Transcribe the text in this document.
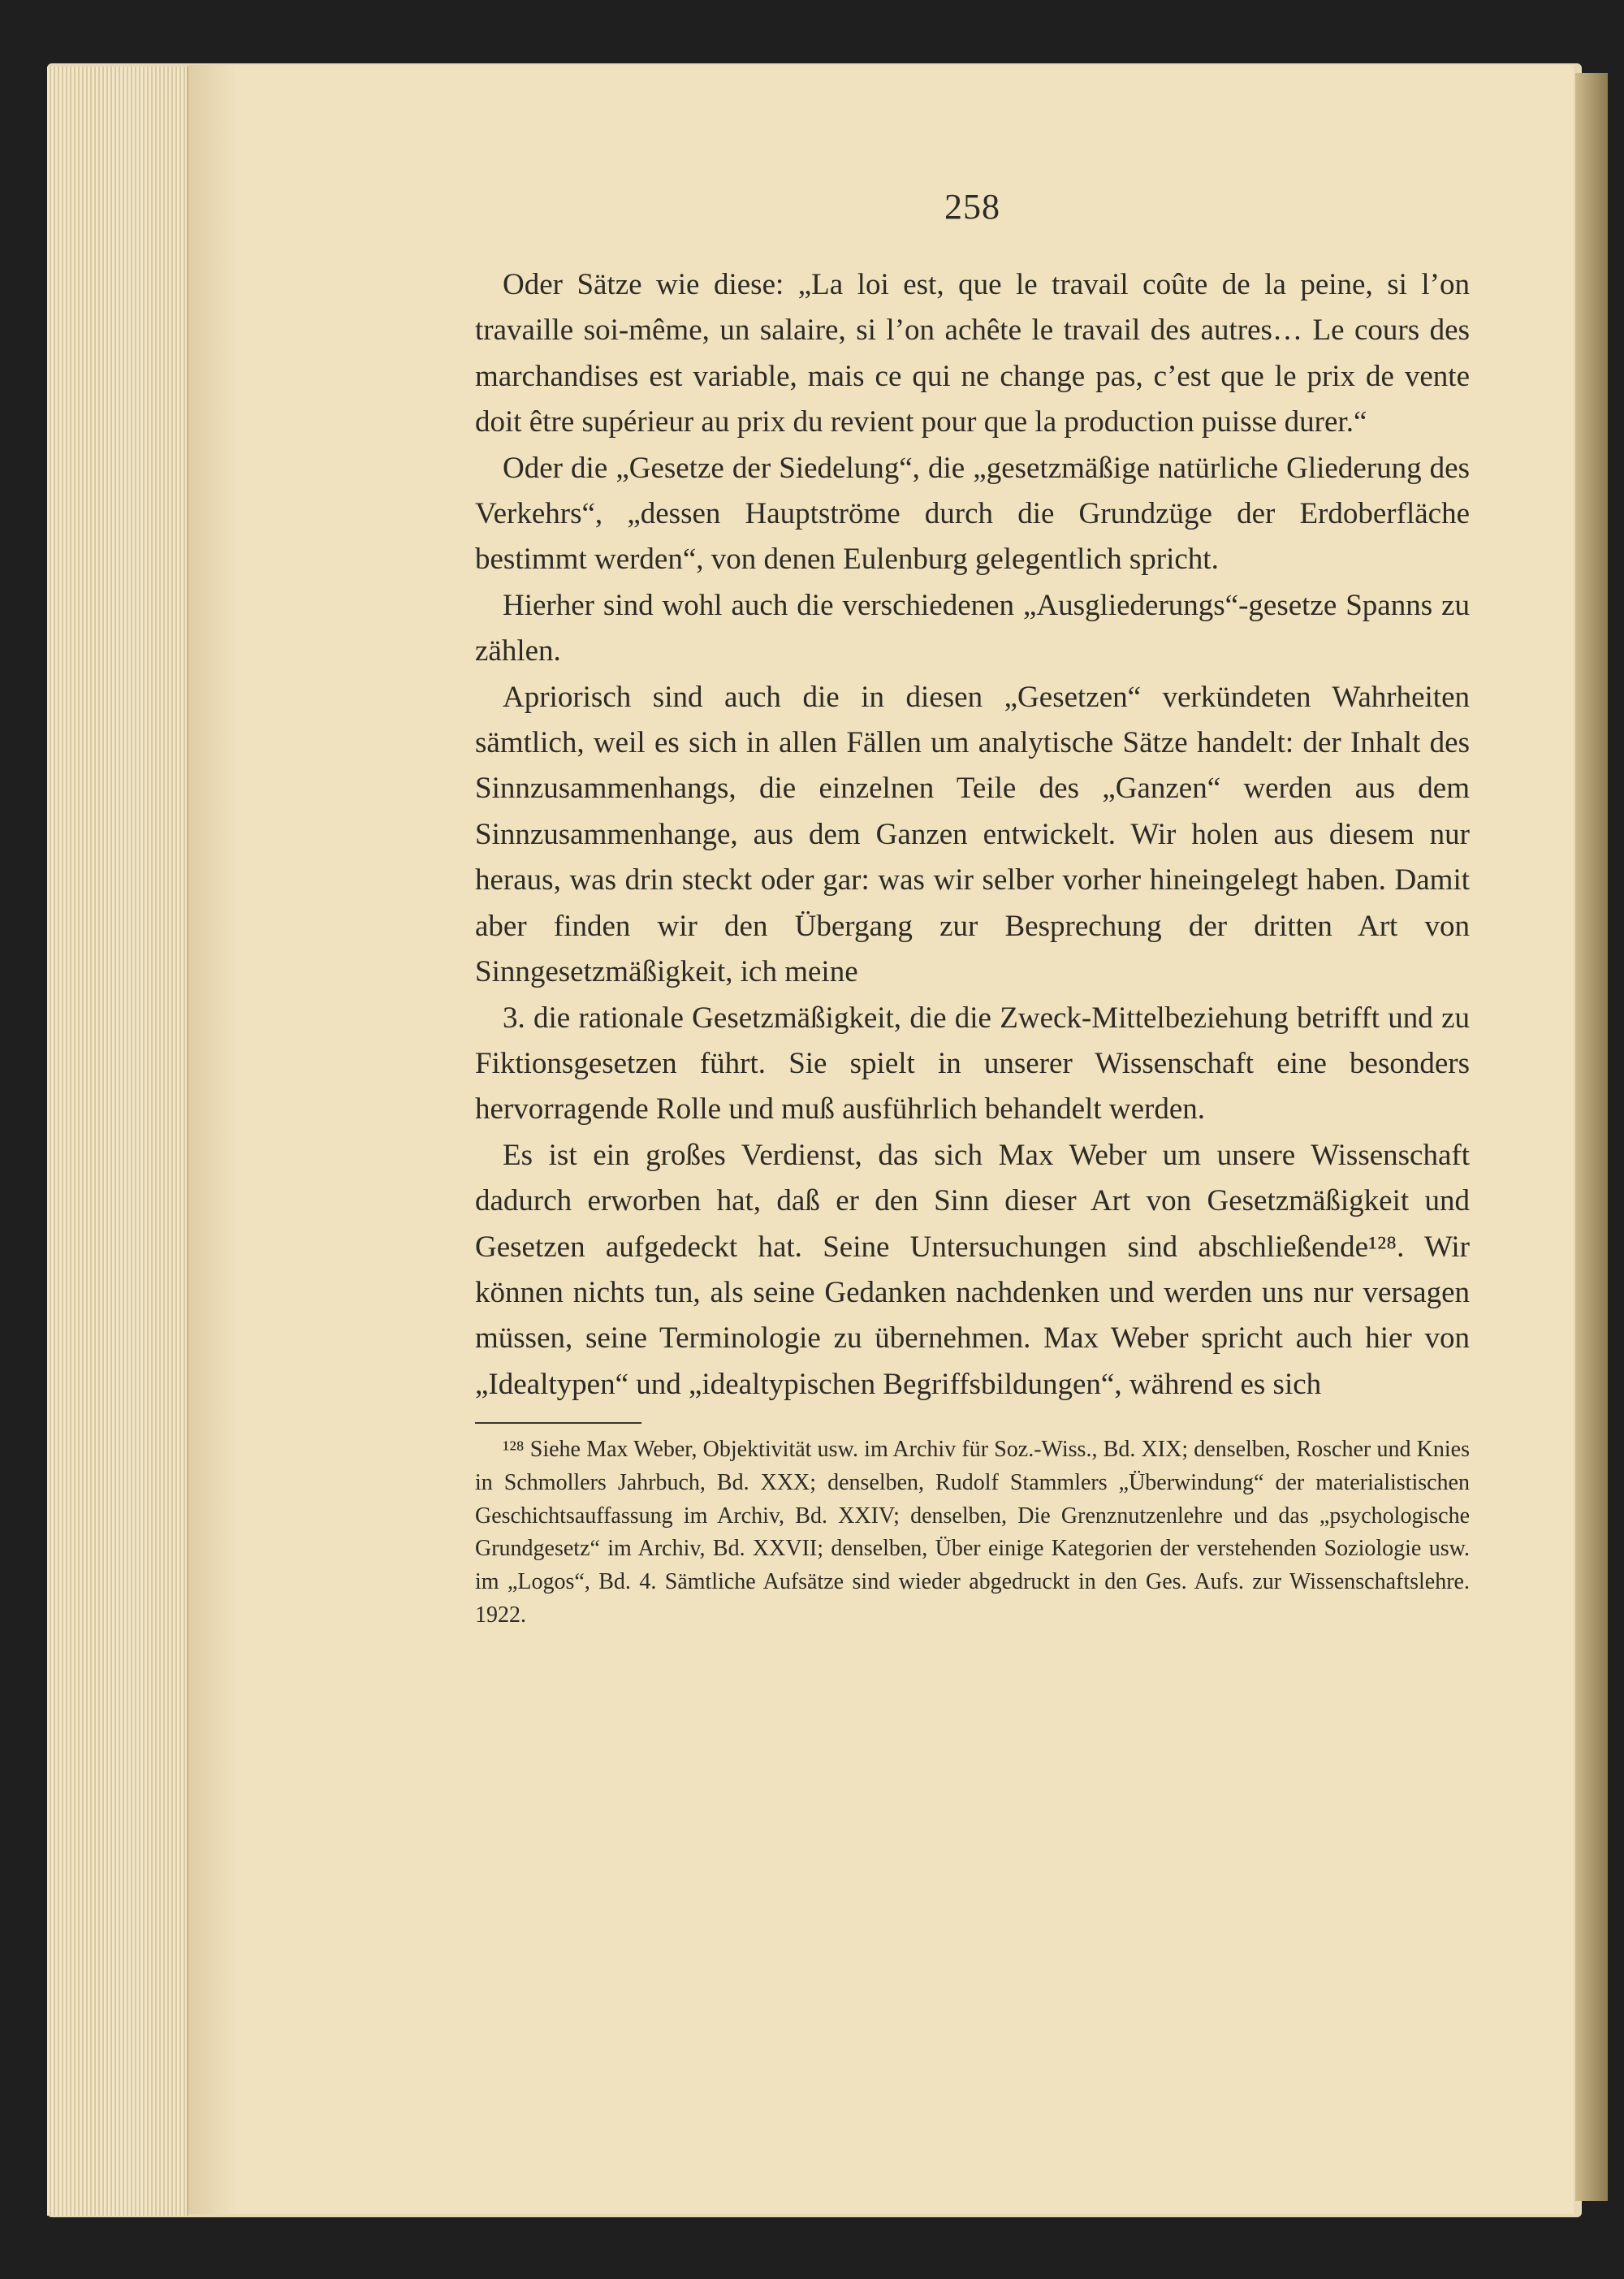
258

Oder Sätze wie diese: „La loi est, que le travail coûte de la peine, si l’on travaille soi-même, un salaire, si l’on achête le travail des autres… Le cours des marchandises est variable, mais ce qui ne change pas, c’est que le prix de vente doit être supérieur au prix du revient pour que la production puisse durer.“

Oder die „Gesetze der Siedelung“, die „gesetzmäßige natürliche Gliederung des Verkehrs“, „dessen Hauptströme durch die Grundzüge der Erdoberfläche bestimmt werden“, von denen Eulenburg gelegentlich spricht.

Hierher sind wohl auch die verschiedenen „Ausgliederungs“-gesetze Spanns zu zählen.

Apriorisch sind auch die in diesen „Gesetzen“ verkündeten Wahrheiten sämtlich, weil es sich in allen Fällen um analytische Sätze handelt: der Inhalt des Sinnzusammenhangs, die einzelnen Teile des „Ganzen“ werden aus dem Sinnzusammenhange, aus dem Ganzen entwickelt. Wir holen aus diesem nur heraus, was drin steckt oder gar: was wir selber vorher hineingelegt haben. Damit aber finden wir den Übergang zur Besprechung der dritten Art von Sinngesetzmäßigkeit, ich meine

3. die rationale Gesetzmäßigkeit, die die Zweck-Mittelbeziehung betrifft und zu Fiktionsgesetzen führt. Sie spielt in unserer Wissenschaft eine besonders hervorragende Rolle und muß ausführlich behandelt werden.

Es ist ein großes Verdienst, das sich Max Weber um unsere Wissenschaft dadurch erworben hat, daß er den Sinn dieser Art von Gesetzmäßigkeit und Gesetzen aufgedeckt hat. Seine Untersuchungen sind abschließende¹²⁸. Wir können nichts tun, als seine Gedanken nachdenken und werden uns nur versagen müssen, seine Terminologie zu übernehmen. Max Weber spricht auch hier von „Idealtypen“ und „idealtypischen Begriffsbildungen“, während es sich

¹²⁸ Siehe Max Weber, Objektivität usw. im Archiv für Soz.-Wiss., Bd. XIX; denselben, Roscher und Knies in Schmollers Jahrbuch, Bd. XXX; denselben, Rudolf Stammlers „Überwindung“ der materialistischen Geschichtsauffassung im Archiv, Bd. XXIV; denselben, Die Grenznutzenlehre und das „psychologische Grundgesetz“ im Archiv, Bd. XXVII; denselben, Über einige Kategorien der verstehenden Soziologie usw. im „Logos“, Bd. 4. Sämtliche Aufsätze sind wieder abgedruckt in den Ges. Aufs. zur Wissenschaftslehre. 1922.
